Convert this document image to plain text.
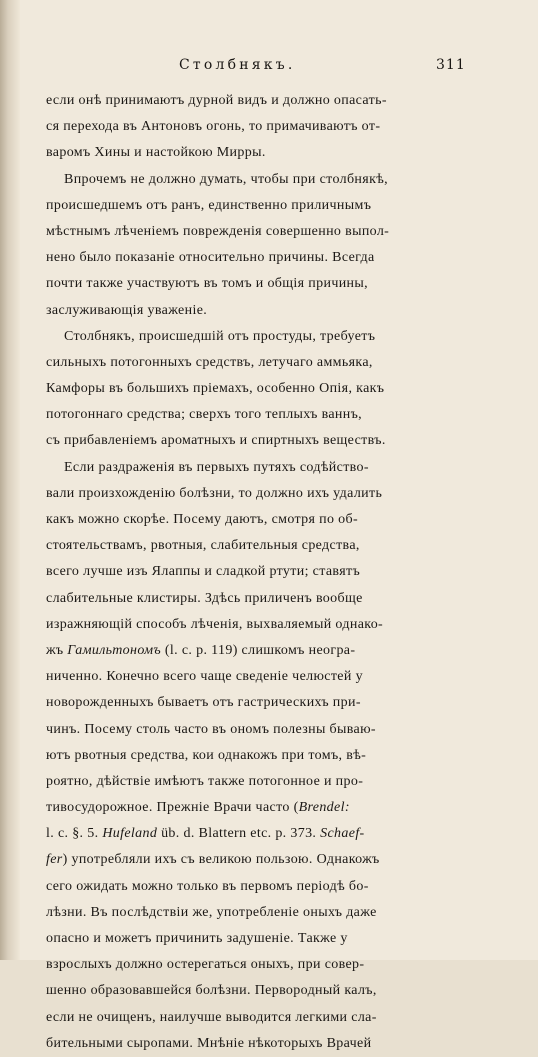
Столбнякъ.	311
если онѣ принимаютъ дурной видъ и должно опасать-
ся перехода въ Антоновъ огонь, то примачиваютъ от-
варомъ Хины и настойкою Мирры.
Впрочемъ не должно думать, чтобы при столбнякѣ,
происшедшемъ отъ ранъ, единственно приличнымъ
мѣстнымъ лѣченіемъ поврежденія совершенно выпол-
нено было показаніе относительно причины. Всегда
почти также участвуютъ въ томъ и общія причины,
заслуживающія уваженіе.
Столбнякъ, происшедшій отъ простуды, требуетъ
сильныхъ потогонныхъ средствъ, летучаго аммьяка,
Камфоры въ большихъ пріемахъ, особенно Опія, какъ
потогоннаго средства; сверхъ того теплыхъ ваннъ,
съ прибавленіемъ ароматныхъ и спиртныхъ веществъ.
Если раздраженія въ первыхъ путяхъ содѣйство-
вали произхожденію болѣзни, то должно ихъ удалить
какъ можно скорѣе. Посему даютъ, смотря по об-
стоятельствамъ, рвотныя, слабительныя средства,
всего лучше изъ Ялаппы и сладкой ртути; ставятъ
слабительные клистиры. Здѣсь приличенъ вообще
изражняющій способъ лѣченія, выхваляемый однако-
жъ Гамильтономъ (l. c. p. 119) слишкомъ неогра-
ниченно. Конечно всего чаще сведеніе челюстей у
новорожденныхъ бываетъ отъ гастрическихъ при-
чинъ. Посему столь часто въ ономъ полезны бываю-
ютъ рвотныя средства, кои однакожъ при томъ, вѣ-
роятно, дѣйствіе имѣютъ также потогонное и про-
тивосудорожное. Прежніе Врачи часто (Brendel:
l. c. §. 5. Hufeland üb. d. Blattern etc. p. 373. Schaef-
fer) употребляли ихъ съ великою пользою. Однакожъ
сего ожидать можно только въ первомъ періодѣ бо-
лѣзни. Въ послѣдствіи же, употребленіе оныхъ даже
опасно и можетъ причинить задушеніе. Также у
взрослыхъ должно остерегаться оныхъ, при совер-
шенно образовавшейся болѣзни. Первородный калъ,
если не очищенъ, наилучше выводится легкими сла-
бительными сыропами. Мнѣніе нѣкоторыхъ Врачей
